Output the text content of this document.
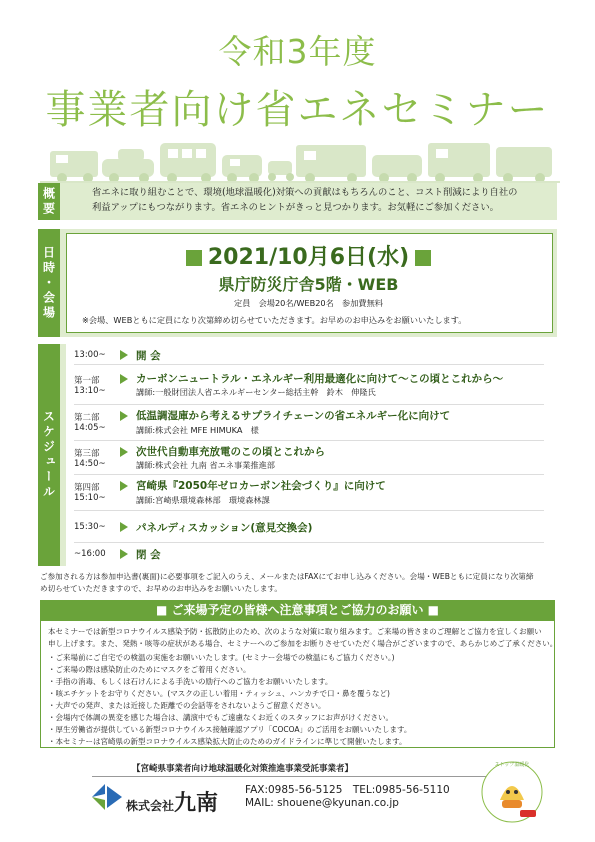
令和3年度
事業者向け省エネセミナー
概要	省エネに取り組むことで、環境(地球温暖化)対策への貢献はもちろんのこと、コスト削減により自社の
利益アップにもつながります。省エネのヒントがきっと見つかります。お気軽にご参加ください。
日時・会場	2021/10月6日(水)
県庁防災庁舎5階・WEB
定員　会場20名/WEB20名　参加費無料
※会場、WEBともに定員になり次第締め切らせていただきます。お早めのお申込みをお願いいたします。
スケジュール
13:00~	開 会
第一部
13:10~
カーボンニュートラル・エネルギー利用最適化に向けて～この頃とこれから～
講師:一般財団法人省エネルギーセンター総括主幹　鈴木　伸隆氏
第二部
14:05~
低温調湿庫から考えるサプライチェーンの省エネルギー化に向けて
講師:株式会社 MFE HIMUKA　様
第三部
14:50~
次世代自動車充放電のこの頃とこれから
講師:株式会社 九南 省エネ事業推進部
第四部
15:10~
宮崎県『2050年ゼロカーボン社会づくり』に向けて
講師:宮崎県環境森林部　環境森林課
15:30~	パネルディスカッション(意見交換会)
~16:00	閉 会
ご参加される方は参加申込書(裏面)に必要事項をご記入のうえ、メールまたはFAXにてお申し込みください。会場・WEBともに定員になり次第締
め切らせていただきますので、お早めのお申込みをお願いいたします。
■ ご来場予定の皆様へ注意事項とご協力のお願い ■
本セミナーでは新型コロナウイルス感染予防・拡散防止のため、次のような対策に取り組みます。ご来場の皆さまのご理解とご協力を宜しくお願い
申し上げます。また、発熱・咳等の症状がある場合、セミナーへのご参加をお断りさせていただく場合がございますので、あらかじめご了承ください。
・ご来場前にご自宅での検温の実施をお願いいたします。(セミナー会場での検温にもご協力ください。)
・ご来場の際は感染防止のためにマスクをご着用ください。
・手指の消毒、もしくは石けんによる手洗いの励行へのご協力をお願いいたします。
・咳エチケットをお守りください。(マスクの正しい着用・ティッシュ、ハンカチで口・鼻を覆うなど)
・大声での発声、または近接した距離での会話等をされないようご留意ください。
・会場内で体調の異変を感じた場合は、講演中でもご遠慮なくお近くのスタッフにお声がけください。
・厚生労働省が提供している新型コロナウイルス接触確認アプリ「COCOA」のご活用をお願いいたします。
・本セミナーは宮崎県の新型コロナウイルス感染拡大防止のためのガイドラインに準じて開催いたします。
【宮崎県事業者向け地球温暖化対策推進事業受託事業者】
株式会社九南
FAX:0985-56-5125　TEL:0985-56-5110
MAIL: shouene@kyunan.co.jp
ストップ温暖化
